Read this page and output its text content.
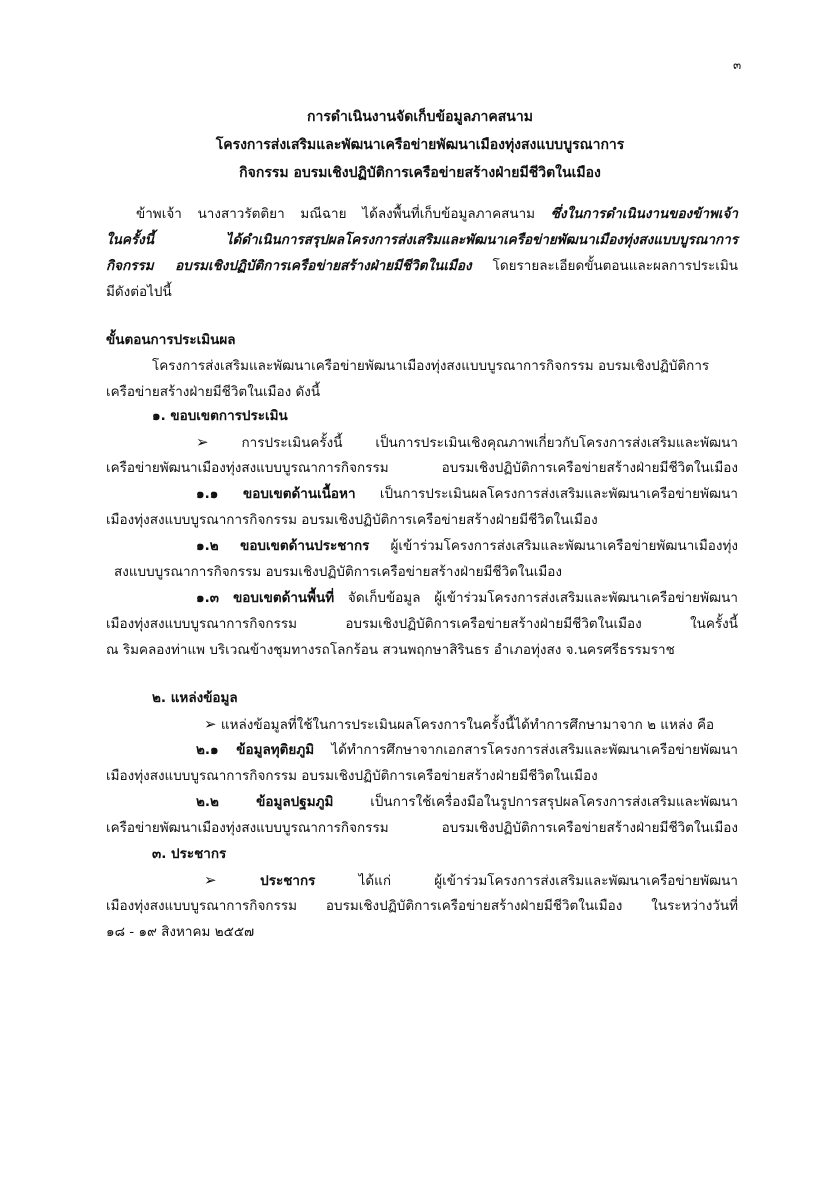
๓
การดำเนินงานจัดเก็บข้อมูลภาคสนาม
โครงการส่งเสริมและพัฒนาเครือข่ายพัฒนาเมืองทุ่งสงแบบบูรณาการ
กิจกรรม อบรมเชิงปฏิบัติการเครือข่ายสร้างฝ่ายมีชีวิตในเมือง
ข้าพเจ้า นางสาวรัตติยา มณีฉาย ได้ลงพื้นที่เก็บข้อมูลภาคสนาม ซึ่งในการดำเนินงานของข้าพเจ้า
ในครั้งนี้ ได้ดำเนินการสรุปผลโครงการส่งเสริมและพัฒนาเครือข่ายพัฒนาเมืองทุ่งสงแบบบูรณาการ
กิจกรรม อบรมเชิงปฏิบัติการเครือข่ายสร้างฝ่ายมีชีวิตในเมือง โดยรายละเอียดขั้นตอนและผลการประเมิน
มีดังต่อไปนี้
ขั้นตอนการประเมินผล
โครงการส่งเสริมและพัฒนาเครือข่ายพัฒนาเมืองทุ่งสงแบบบูรณาการกิจกรรม อบรมเชิงปฏิบัติการ
เครือข่ายสร้างฝ่ายมีชีวิตในเมือง ดังนี้
๑. ขอบเขตการประเมิน
➢ การประเมินครั้งนี้ เป็นการประเมินเชิงคุณภาพเกี่ยวกับโครงการส่งเสริมและพัฒนา
เครือข่ายพัฒนาเมืองทุ่งสงแบบบูรณาการกิจกรรม อบรมเชิงปฏิบัติการเครือข่ายสร้างฝ่ายมีชีวิตในเมือง
๑.๑ ขอบเขตด้านเนื้อหา เป็นการประเมินผลโครงการส่งเสริมและพัฒนาเครือข่ายพัฒนา
เมืองทุ่งสงแบบบูรณาการกิจกรรม อบรมเชิงปฏิบัติการเครือข่ายสร้างฝ่ายมีชีวิตในเมือง
๑.๒ ขอบเขตด้านประชากร ผู้เข้าร่วมโครงการส่งเสริมและพัฒนาเครือข่ายพัฒนาเมืองทุ่ง
สงแบบบูรณาการกิจกรรม อบรมเชิงปฏิบัติการเครือข่ายสร้างฝ่ายมีชีวิตในเมือง
๑.๓ ขอบเขตด้านพื้นที่ จัดเก็บข้อมูล ผู้เข้าร่วมโครงการส่งเสริมและพัฒนาเครือข่ายพัฒนา
เมืองทุ่งสงแบบบูรณาการกิจกรรม อบรมเชิงปฏิบัติการเครือข่ายสร้างฝ่ายมีชีวิตในเมือง ในครั้งนี้
ณ ริมคลองท่าแพ บริเวณข้างชุมทางรถโลกร้อน สวนพฤกษาสิรินธร อำเภอทุ่งสง จ.นครศรีธรรมราช
๒. แหล่งข้อมูล
➢ แหล่งข้อมูลที่ใช้ในการประเมินผลโครงการในครั้งนี้ได้ทำการศึกษามาจาก ๒ แหล่ง คือ
๒.๑ ข้อมูลทุติยภูมิ ได้ทำการศึกษาจากเอกสารโครงการส่งเสริมและพัฒนาเครือข่ายพัฒนา
เมืองทุ่งสงแบบบูรณาการกิจกรรม อบรมเชิงปฏิบัติการเครือข่ายสร้างฝ่ายมีชีวิตในเมือง
๒.๒ ข้อมูลปฐมภูมิ เป็นการใช้เครื่องมือในรูปการสรุปผลโครงการส่งเสริมและพัฒนา
เครือข่ายพัฒนาเมืองทุ่งสงแบบบูรณาการกิจกรรม อบรมเชิงปฏิบัติการเครือข่ายสร้างฝ่ายมีชีวิตในเมือง
๓. ประชากร
➢ ประชากร ได้แก่ ผู้เข้าร่วมโครงการส่งเสริมและพัฒนาเครือข่ายพัฒนา
เมืองทุ่งสงแบบบูรณาการกิจกรรม อบรมเชิงปฏิบัติการเครือข่ายสร้างฝ่ายมีชีวิตในเมือง ในระหว่างวันที่
๑๘ - ๑๙ สิงหาคม ๒๕๕๗
